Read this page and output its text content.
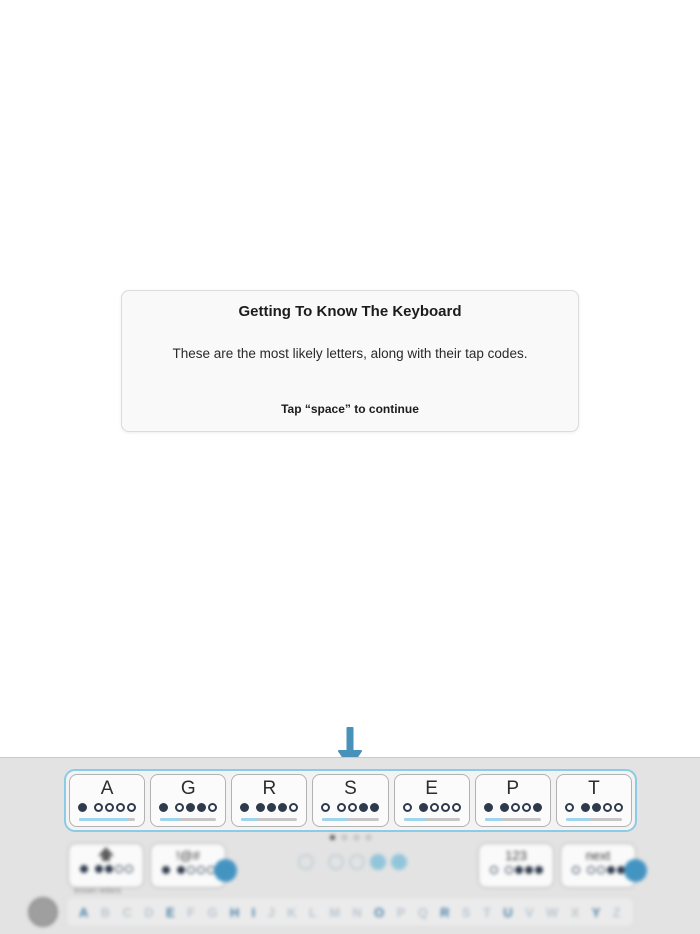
Getting To Know The Keyboard
These are the most likely letters, along with their tap codes.
Tap “space” to continue
A	G	R	S	E	P	T
!@#	123	next
known letters
A B C D E F G H I J K L M N O P Q R S T U V W X Y Z
